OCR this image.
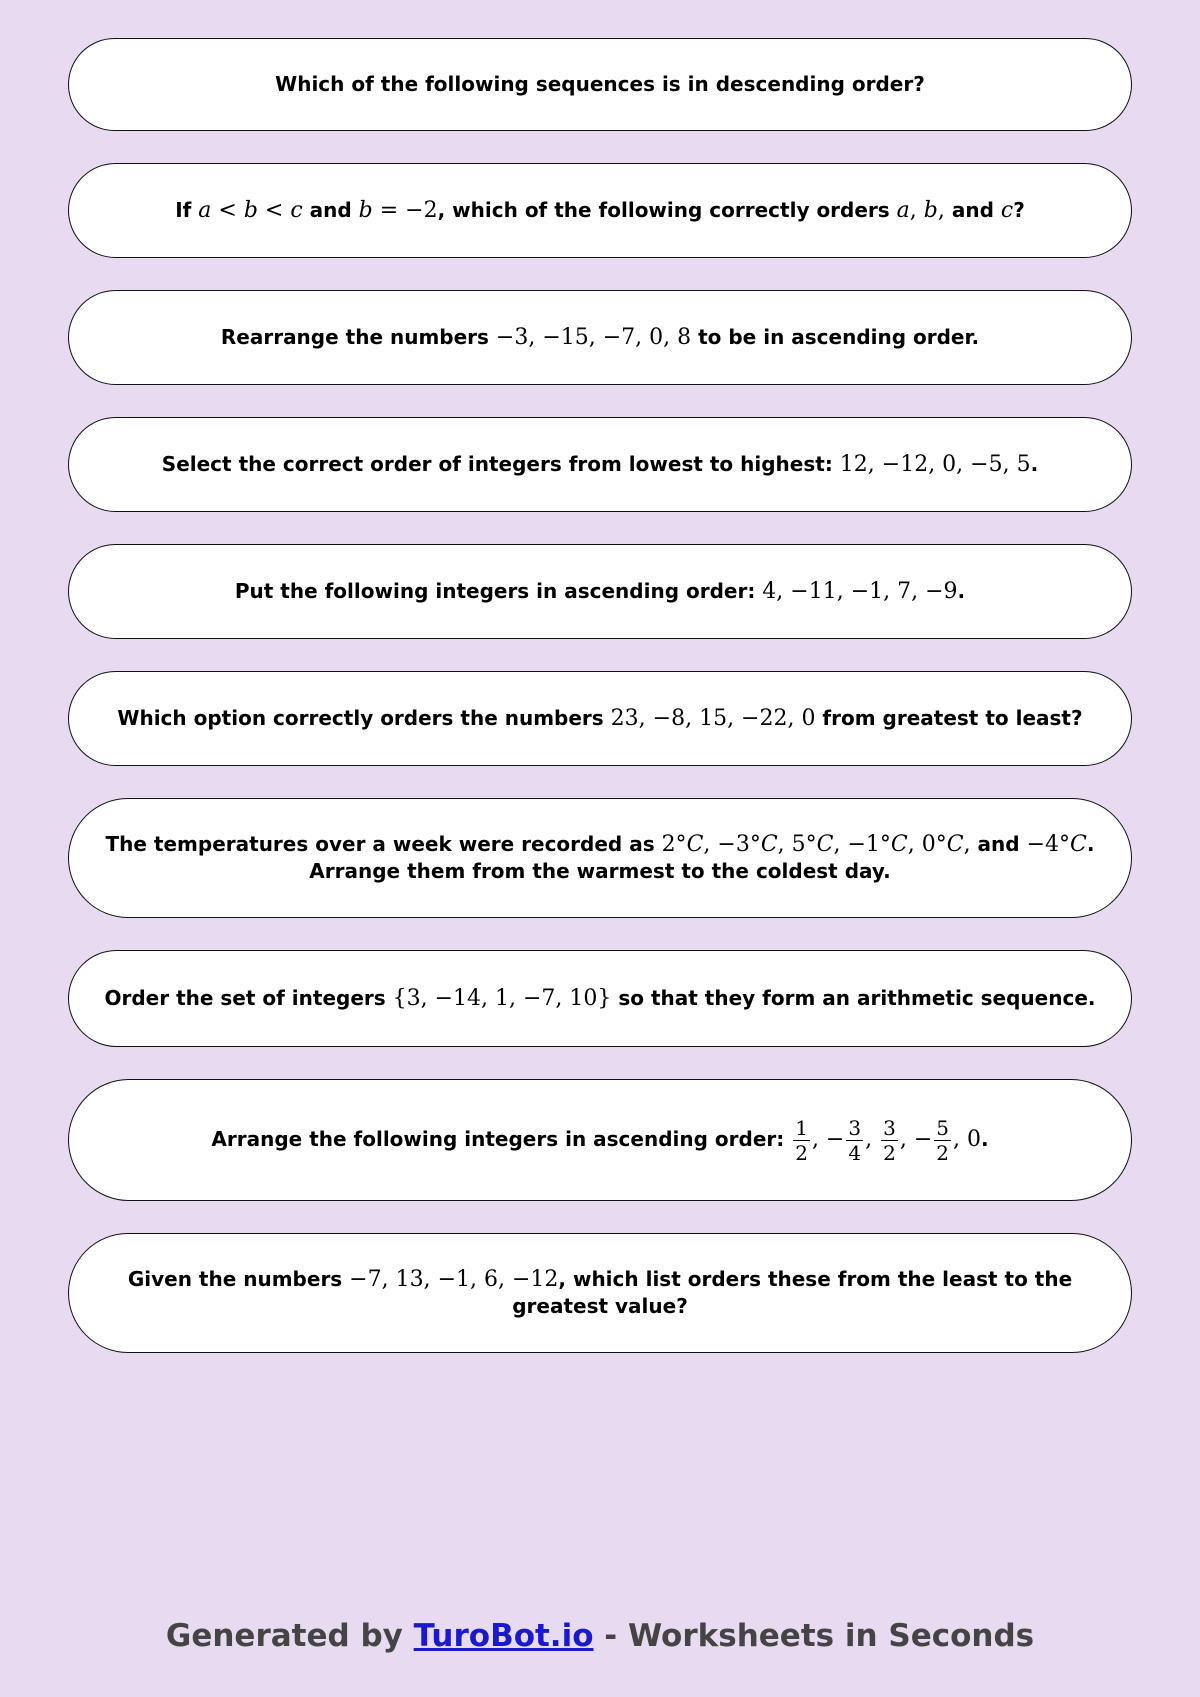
Which of the following sequences is in descending order?
If a < b < c and b = −2, which of the following correctly orders a, b, and c?
Rearrange the numbers −3, −15, −7, 0, 8 to be in ascending order.
Select the correct order of integers from lowest to highest: 12, −12, 0, −5, 5.
Put the following integers in ascending order: 4, −11, −1, 7, −9.
Which option correctly orders the numbers 23, −8, 15, −22, 0 from greatest to least?
The temperatures over a week were recorded as 2°C, −3°C, 5°C, −1°C, 0°C, and −4°C. Arrange them from the warmest to the coldest day.
Order the set of integers {3, −14, 1, −7, 10} so that they form an arithmetic sequence.
Arrange the following integers in ascending order: $\frac{1}{2}$ , − $\frac{3}{4}$ , $\frac{3}{2}$ , − $\frac{5}{2}$ , 0.
Given the numbers −7, 13, −1, 6, −12, which list orders these from the least to the greatest value?
Generated by TuroBot.io - Worksheets in Seconds
